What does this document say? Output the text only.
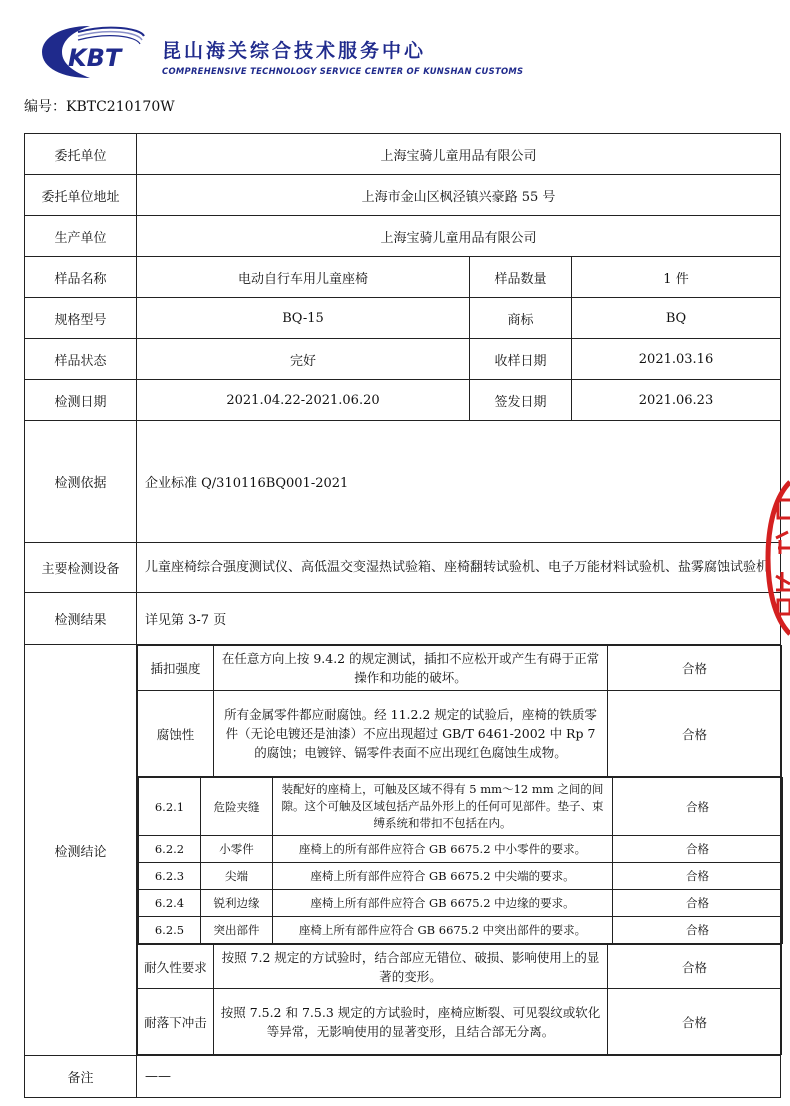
KBT 昆山海关综合技术服务中心
COMPREHENSIVE TECHNOLOGY SERVICE CENTER OF KUNSHAN CUSTOMS
编号：KBTC210170W
委托单位	上海宝骑儿童用品有限公司
委托单位地址	上海市金山区枫泾镇兴豪路 55 号
生产单位	上海宝骑儿童用品有限公司
样品名称	电动自行车用儿童座椅	样品数量	1 件
规格型号	BQ-15	商标	BQ
样品状态	完好	收样日期	2021.03.16
检测日期	2021.04.22-2021.06.20	签发日期	2021.06.23
检测依据	企业标准 Q/310116BQ001-2021
主要检测设备	儿童座椅综合强度测试仪、高低温交变湿热试验箱、座椅翻转试验机、电子万能材料试验机、盐雾腐蚀试验机
检测结果	详见第 3-7 页
检测结论	
插扣强度	在任意方向上按 9.4.2 的规定测试，插扣不应松开或产生有碍于正常操作和功能的破坏。	合格
腐蚀性	所有金属零件都应耐腐蚀。经 11.2.2 规定的试验后，座椅的铁质零件（无论电镀还是油漆）不应出现超过 GB/T 6461-2002 中 Rp 7 的腐蚀；电镀锌、镉零件表面不应出现红色腐蚀生成物。	合格

6.2.1	危险夹缝	装配好的座椅上，可触及区域不得有 5 mm～12 mm 之间的间隙。这个可触及区域包括产品外形上的任何可见部件。垫子、束缚系统和带扣不包括在内。	合格
6.2.2	小零件	座椅上的所有部件应符合 GB 6675.2 中小零件的要求。	合格
6.2.3	尖端	座椅上所有部件应符合 GB 6675.2 中尖端的要求。	合格
6.2.4	锐利边缘	座椅上所有部件应符合 GB 6675.2 中边缘的要求。	合格
6.2.5	突出部件	座椅上所有部件应符合 GB 6675.2 中突出部件的要求。	合格

耐久性要求	按照 7.2 规定的方试验时，结合部应无错位、破损、影响使用上的显著的变形。	合格
耐落下冲击	按照 7.5.2 和 7.5.3 规定的方试验时，座椅应断裂、可见裂纹或软化等异常，无影响使用的显著变形，且结合部无分离。	合格

备注	——
